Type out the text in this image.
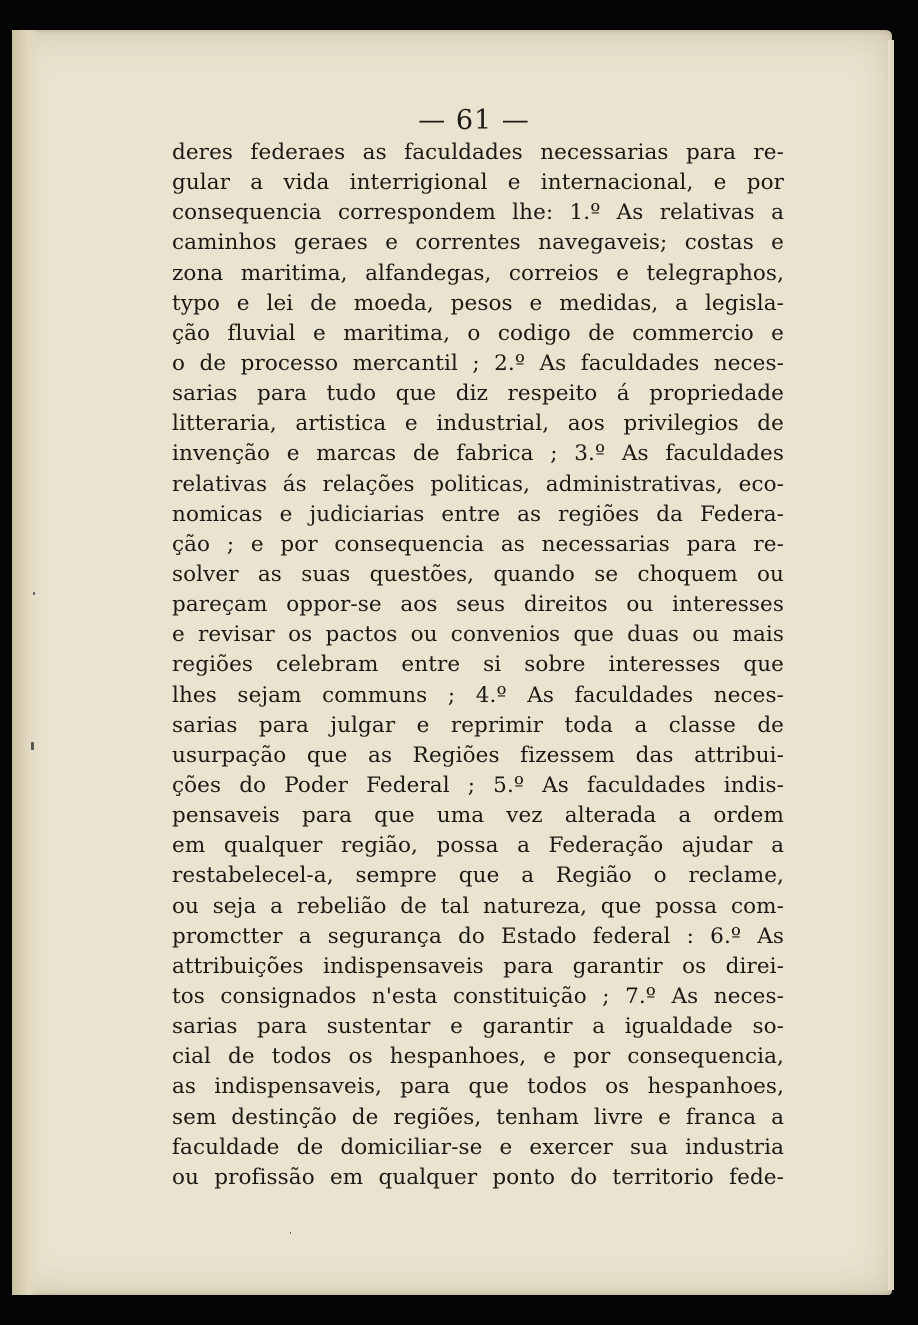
— 61 —
deres federaes as faculdades necessarias para re-
gular a vida interrigional e internacional, e por
consequencia correspondem lhe: 1.º As relativas a
caminhos geraes e correntes navegaveis; costas e
zona maritima, alfandegas, correios e telegraphos,
typo e lei de moeda, pesos e medidas, a legisla-
ção fluvial e maritima, o codigo de commercio e
o de processo mercantil ; 2.º As faculdades neces-
sarias para tudo que diz respeito á propriedade
litteraria, artistica e industrial, aos privilegios de
invenção e marcas de fabrica ; 3.º As faculdades
relativas ás relações politicas, administrativas, eco-
nomicas e judiciarias entre as regiões da Federa-
ção ; e por consequencia as necessarias para re-
solver as suas questões, quando se choquem ou
pareçam oppor-se aos seus direitos ou interesses
e revisar os pactos ou convenios que duas ou mais
regiões celebram entre si sobre interesses que
lhes sejam communs ; 4.º As faculdades neces-
sarias para julgar e reprimir toda a classe de
usurpação que as Regiões fizessem das attribui-
ções do Poder Federal ; 5.º As faculdades indis-
pensaveis para que uma vez alterada a ordem
em qualquer região, possa a Federação ajudar a
restabelecel-a, sempre que a Região o reclame,
ou seja a rebelião de tal natureza, que possa com-
promctter a segurança do Estado federal : 6.º As
attribuições indispensaveis para garantir os direi-
tos consignados n'esta constituição ; 7.º As neces-
sarias para sustentar e garantir a igualdade so-
cial de todos os hespanhoes, e por consequencia,
as indispensaveis, para que todos os hespanhoes,
sem destinção de regiões, tenham livre e franca a
faculdade de domiciliar-se e exercer sua industria
ou profissão em qualquer ponto do territorio fede-
